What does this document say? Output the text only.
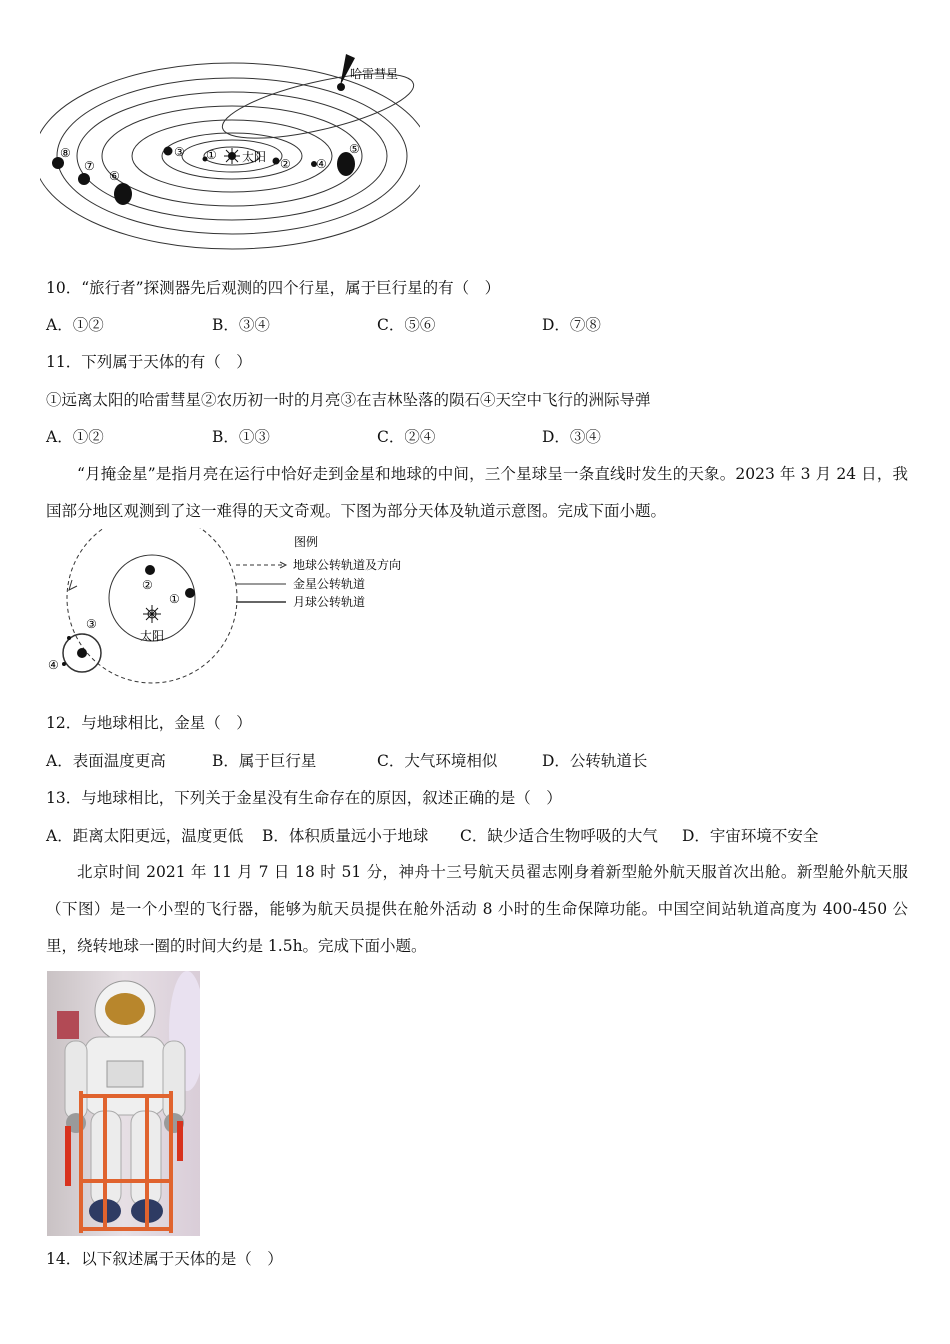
太阳
①
②
③
④
⑤
⑥
⑦
⑧
哈雷彗星
10．“旅行者”探测器先后观测的四个行星，属于巨行星的有（　）
A．①②	B．③④	C．⑤⑥	D．⑦⑧
11．下列属于天体的有（　）
①远离太阳的哈雷彗星②农历初一时的月亮③在吉林坠落的陨石④天空中飞行的洲际导弹
A．①②	B．①③	C．②④	D．③④
“月掩金星”是指月亮在运行中恰好走到金星和地球的中间，三个星球呈一条直线时发生的天象。2023 年 3 月 24 日，我国部分地区观测到了这一难得的天文奇观。下图为部分天体及轨道示意图。完成下面小题。
太阳
②
①
③
④
图例
地球公转轨道及方向
金星公转轨道
月球公转轨道
12．与地球相比，金星（　）
A．表面温度更高	B．属于巨行星	C．大气环境相似	D．公转轨道长
13．与地球相比，下列关于金星没有生命存在的原因，叙述正确的是（　）
A．距离太阳更远，温度更低 B．体积质量远小于地球 C．缺少适合生物呼吸的大气 D．宇宙环境不安全
北京时间 2021 年 11 月 7 日 18 时 51 分，神舟十三号航天员翟志刚身着新型舱外航天服首次出舱。新型舱外航天服（下图）是一个小型的飞行器，能够为航天员提供在舱外活动 8 小时的生命保障功能。中国空间站轨道高度为 400-450 公里，绕转地球一圈的时间大约是 1.5h。完成下面小题。
14．以下叙述属于天体的是（　）
